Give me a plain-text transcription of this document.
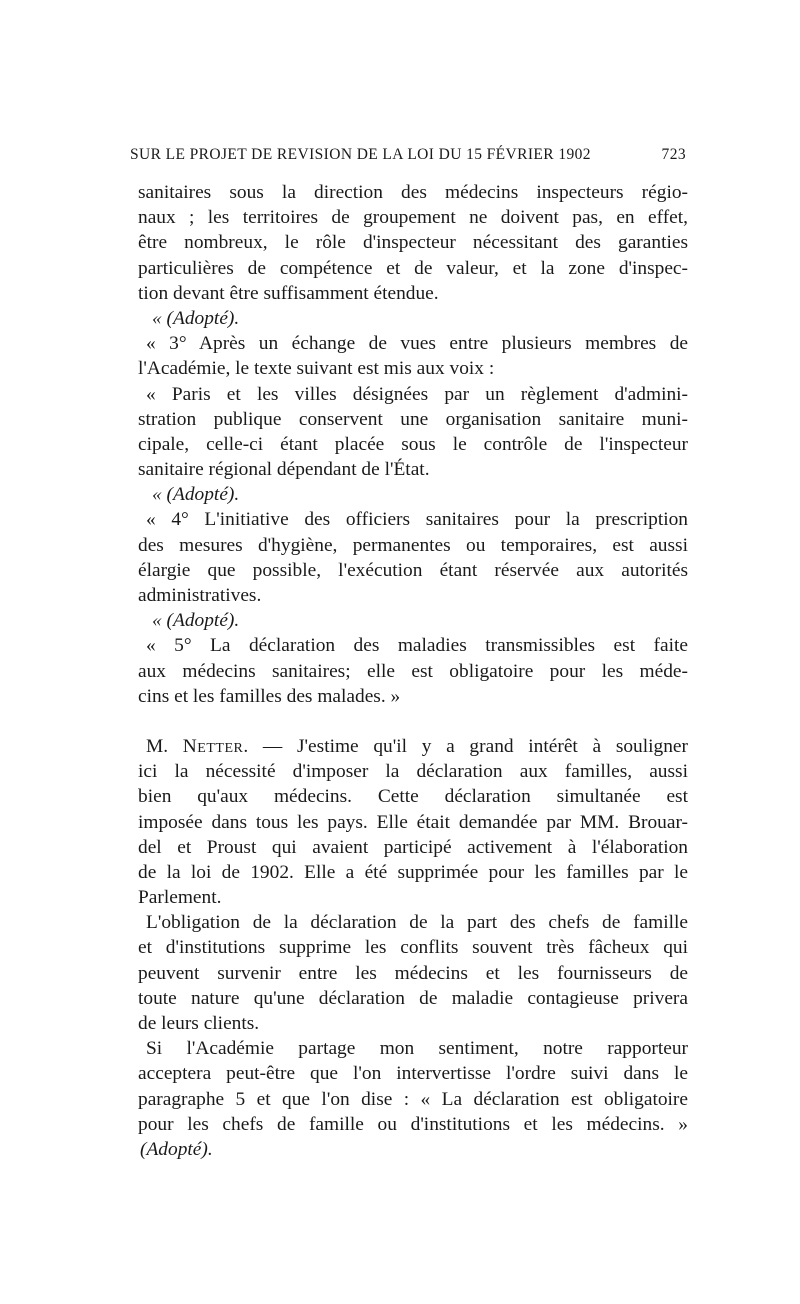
SUR LE PROJET DE REVISION DE LA LOI DU 15 FÉVRIER 1902	723
sanitaires sous la direction des médecins inspecteurs régio-
naux ; les territoires de groupement ne doivent pas, en effet,
être nombreux, le rôle d'inspecteur nécessitant des garanties
particulières de compétence et de valeur, et la zone d'inspec-
tion devant être suffisamment étendue.
« (Adopté).
« 3° Après un échange de vues entre plusieurs membres de
l'Académie, le texte suivant est mis aux voix :
« Paris et les villes désignées par un règlement d'admini-
stration publique conservent une organisation sanitaire muni-
cipale, celle-ci étant placée sous le contrôle de l'inspecteur
sanitaire régional dépendant de l'État.
« (Adopté).
« 4° L'initiative des officiers sanitaires pour la prescription
des mesures d'hygiène, permanentes ou temporaires, est aussi
élargie que possible, l'exécution étant réservée aux autorités
administratives.
« (Adopté).
« 5° La déclaration des maladies transmissibles est faite
aux médecins sanitaires; elle est obligatoire pour les méde-
cins et les familles des malades. »
M. Netter. — J'estime qu'il y a grand intérêt à souligner
ici la nécessité d'imposer la déclaration aux familles, aussi
bien qu'aux médecins. Cette déclaration simultanée est
imposée dans tous les pays. Elle était demandée par MM. Brouar-
del et Proust qui avaient participé activement à l'élaboration
de la loi de 1902. Elle a été supprimée pour les familles par le
Parlement.
L'obligation de la déclaration de la part des chefs de famille
et d'institutions supprime les conflits souvent très fâcheux qui
peuvent survenir entre les médecins et les fournisseurs de
toute nature qu'une déclaration de maladie contagieuse privera
de leurs clients.
Si l'Académie partage mon sentiment, notre rapporteur
acceptera peut-être que l'on intervertisse l'ordre suivi dans le
paragraphe 5 et que l'on dise : « La déclaration est obligatoire
pour les chefs de famille ou d'institutions et les médecins. »
(Adopté).
